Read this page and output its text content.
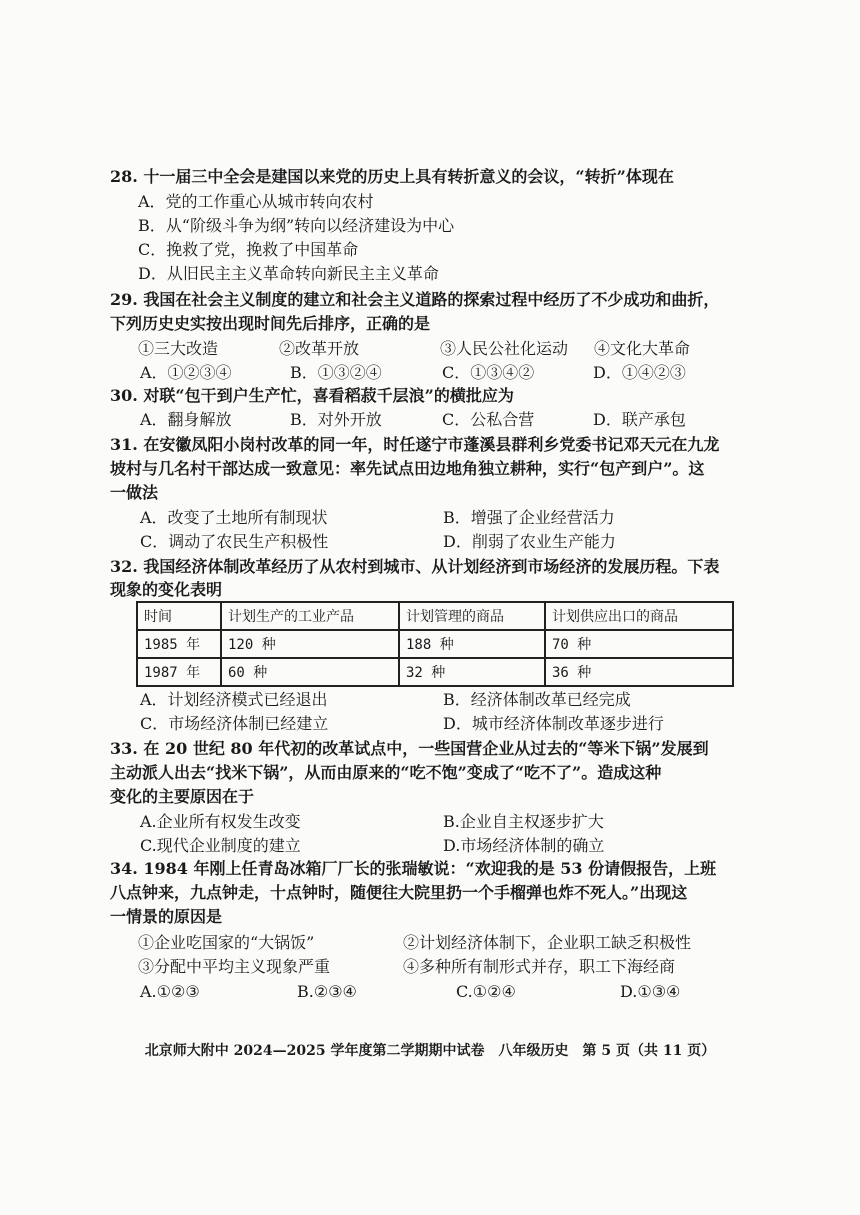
28. 十一届三中全会是建国以来党的历史上具有转折意义的会议，“转折”体现在
A．党的工作重心从城市转向农村
B．从“阶级斗争为纲”转向以经济建设为中心
C．挽救了党，挽救了中国革命
D．从旧民主主义革命转向新民主主义革命
29. 我国在社会主义制度的建立和社会主义道路的探索过程中经历了不少成功和曲折，
下列历史史实按出现时间先后排序，正确的是
①三大改造	②改革开放	③人民公社化运动 ④文化大革命
A．①②③④	B．①③②④	C．①③④②	D．①④②③
30. 对联“包干到户生产忙，喜看稻菽千层浪”的横批应为
A．翻身解放	B．对外开放	C．公私合营	D．联产承包
31. 在安徽凤阳小岗村改革的同一年，时任遂宁市蓬溪县群利乡党委书记邓天元在九龙
坡村与几名村干部达成一致意见：率先试点田边地角独立耕种，实行“包产到户”。这
一做法
A．改变了土地所有制现状	B．增强了企业经营活力
C．调动了农民生产积极性	D．削弱了农业生产能力
32. 我国经济体制改革经历了从农村到城市、从计划经济到市场经济的发展历程。下表
现象的变化表明
时间	计划生产的工业产品	计划管理的商品	计划供应出口的商品
1985 年	120 种	188 种	70 种
1987 年	60 种	32 种	36 种
A．计划经济模式已经退出	B．经济体制改革已经完成
C．市场经济体制已经建立	D．城市经济体制改革逐步进行
33. 在 20 世纪 80 年代初的改革试点中，一些国营企业从过去的“等米下锅”发展到
主动派人出去“找米下锅”，从而由原来的“吃不饱”变成了“吃不了”。造成这种
变化的主要原因在于
A.企业所有权发生改变	B.企业自主权逐步扩大
C.现代企业制度的建立	D.市场经济体制的确立
34. 1984 年刚上任青岛冰箱厂厂长的张瑞敏说：“欢迎我的是 53 份请假报告，上班
八点钟来，九点钟走，十点钟时，随便往大院里扔一个手榴弹也炸不死人。”出现这
一情景的原因是
①企业吃国家的“大锅饭”	②计划经济体制下，企业职工缺乏积极性
③分配中平均主义现象严重	④多种所有制形式并存，职工下海经商
A.①②③	B.②③④	C.①②④	D.①③④
北京师大附中 2024—2025 学年度第二学期期中试卷　八年级历史　第 5 页（共 11 页）
